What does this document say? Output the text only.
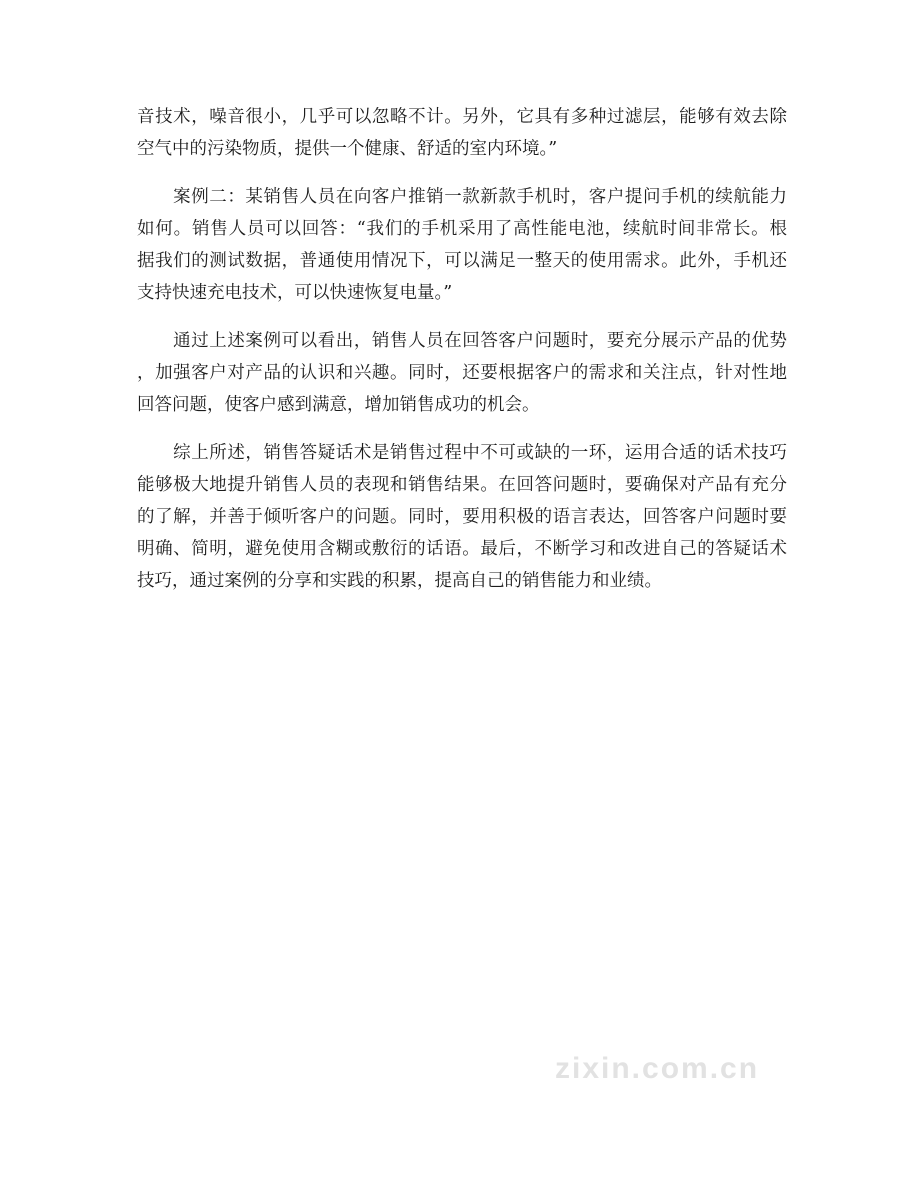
音技术，噪音很小，几乎可以忽略不计。另外，它具有多种过滤层，能够有效去除
空气中的污染物质，提供一个健康、舒适的室内环境。”
　　案例二：某销售人员在向客户推销一款新款手机时，客户提问手机的续航能力
如何。销售人员可以回答：“我们的手机采用了高性能电池，续航时间非常长。根
据我们的测试数据，普通使用情况下，可以满足一整天的使用需求。此外，手机还
支持快速充电技术，可以快速恢复电量。”
　　通过上述案例可以看出，销售人员在回答客户问题时，要充分展示产品的优势
，加强客户对产品的认识和兴趣。同时，还要根据客户的需求和关注点，针对性地
回答问题，使客户感到满意，增加销售成功的机会。
　　综上所述，销售答疑话术是销售过程中不可或缺的一环，运用合适的话术技巧
能够极大地提升销售人员的表现和销售结果。在回答问题时，要确保对产品有充分
的了解，并善于倾听客户的问题。同时，要用积极的语言表达，回答客户问题时要
明确、简明，避免使用含糊或敷衍的话语。最后，不断学习和改进自己的答疑话术
技巧，通过案例的分享和实践的积累，提高自己的销售能力和业绩。
zixin.com.cn
